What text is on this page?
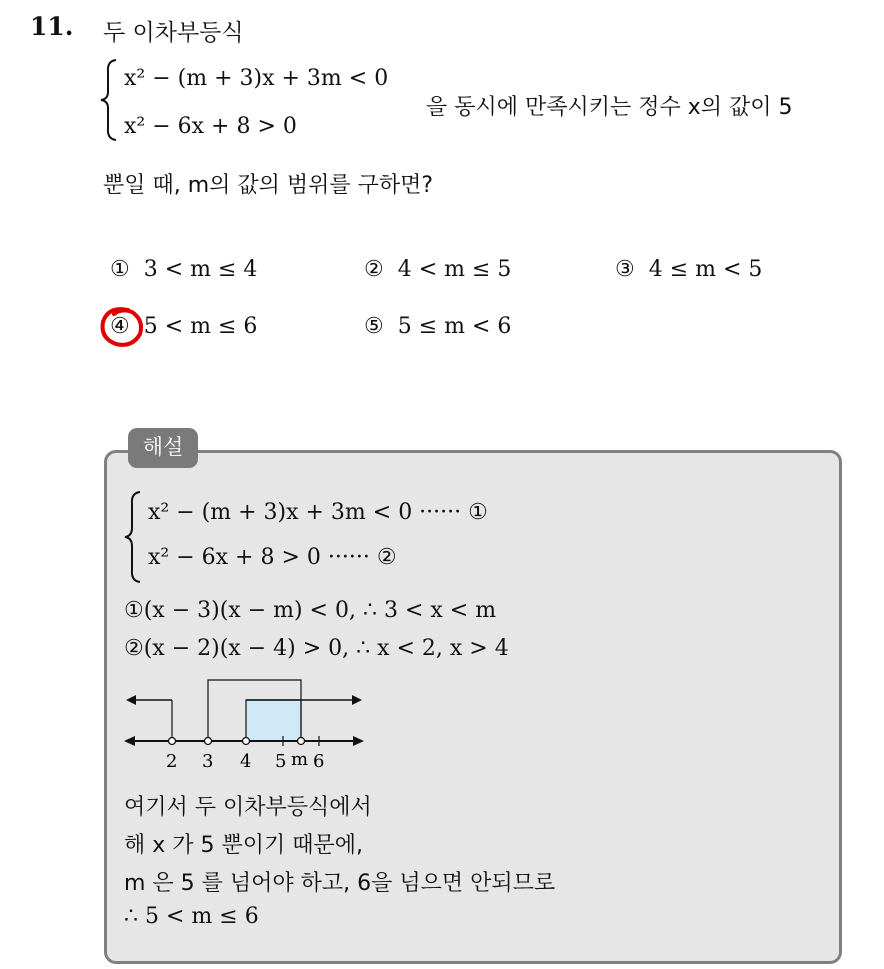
11. 두 이차부등식
x² − (m + 3)x + 3m < 0
x² − 6x + 8 > 0
을 동시에 만족시키는 정수 x의 값이 5
뿐일 때, m의 값의 범위를 구하면?
① 3 < m ≤ 4	② 4 < m ≤ 5	③ 4 ≤ m < 5
④ 5 < m ≤ 6	⑤ 5 ≤ m < 6
해설
x² − (m + 3)x + 3m < 0 ······ ①
x² − 6x + 8 > 0 ······ ②
①(x − 3)(x − m) < 0, ∴ 3 < x < m
②(x − 2)(x − 4) > 0, ∴ x < 2, x > 4
2 3 4 5 m 6
여기서 두 이차부등식에서
해 x 가 5 뿐이기 때문에,
m 은 5 를 넘어야 하고, 6을 넘으면 안되므로
∴ 5 < m ≤ 6
